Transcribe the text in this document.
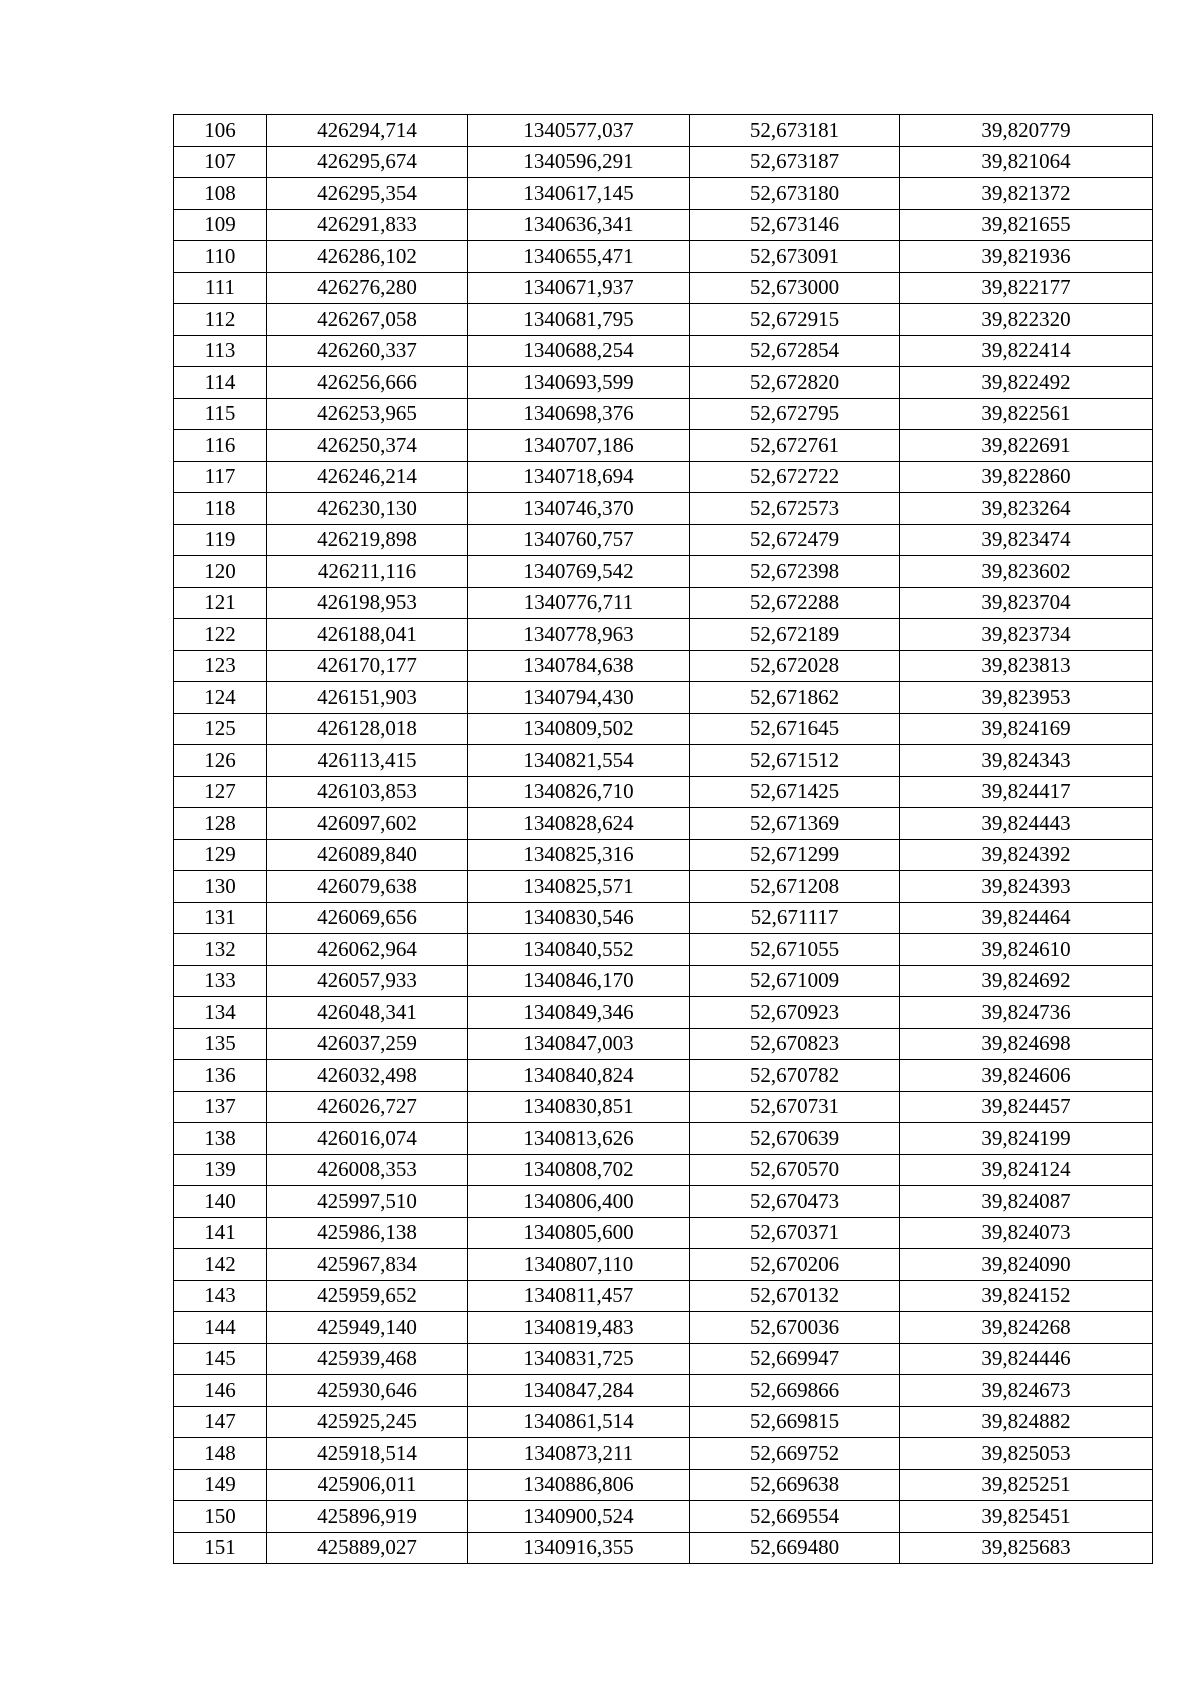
106	426294,714	1340577,037	52,673181	39,820779
107	426295,674	1340596,291	52,673187	39,821064
108	426295,354	1340617,145	52,673180	39,821372
109	426291,833	1340636,341	52,673146	39,821655
110	426286,102	1340655,471	52,673091	39,821936
111	426276,280	1340671,937	52,673000	39,822177
112	426267,058	1340681,795	52,672915	39,822320
113	426260,337	1340688,254	52,672854	39,822414
114	426256,666	1340693,599	52,672820	39,822492
115	426253,965	1340698,376	52,672795	39,822561
116	426250,374	1340707,186	52,672761	39,822691
117	426246,214	1340718,694	52,672722	39,822860
118	426230,130	1340746,370	52,672573	39,823264
119	426219,898	1340760,757	52,672479	39,823474
120	426211,116	1340769,542	52,672398	39,823602
121	426198,953	1340776,711	52,672288	39,823704
122	426188,041	1340778,963	52,672189	39,823734
123	426170,177	1340784,638	52,672028	39,823813
124	426151,903	1340794,430	52,671862	39,823953
125	426128,018	1340809,502	52,671645	39,824169
126	426113,415	1340821,554	52,671512	39,824343
127	426103,853	1340826,710	52,671425	39,824417
128	426097,602	1340828,624	52,671369	39,824443
129	426089,840	1340825,316	52,671299	39,824392
130	426079,638	1340825,571	52,671208	39,824393
131	426069,656	1340830,546	52,671117	39,824464
132	426062,964	1340840,552	52,671055	39,824610
133	426057,933	1340846,170	52,671009	39,824692
134	426048,341	1340849,346	52,670923	39,824736
135	426037,259	1340847,003	52,670823	39,824698
136	426032,498	1340840,824	52,670782	39,824606
137	426026,727	1340830,851	52,670731	39,824457
138	426016,074	1340813,626	52,670639	39,824199
139	426008,353	1340808,702	52,670570	39,824124
140	425997,510	1340806,400	52,670473	39,824087
141	425986,138	1340805,600	52,670371	39,824073
142	425967,834	1340807,110	52,670206	39,824090
143	425959,652	1340811,457	52,670132	39,824152
144	425949,140	1340819,483	52,670036	39,824268
145	425939,468	1340831,725	52,669947	39,824446
146	425930,646	1340847,284	52,669866	39,824673
147	425925,245	1340861,514	52,669815	39,824882
148	425918,514	1340873,211	52,669752	39,825053
149	425906,011	1340886,806	52,669638	39,825251
150	425896,919	1340900,524	52,669554	39,825451
151	425889,027	1340916,355	52,669480	39,825683
